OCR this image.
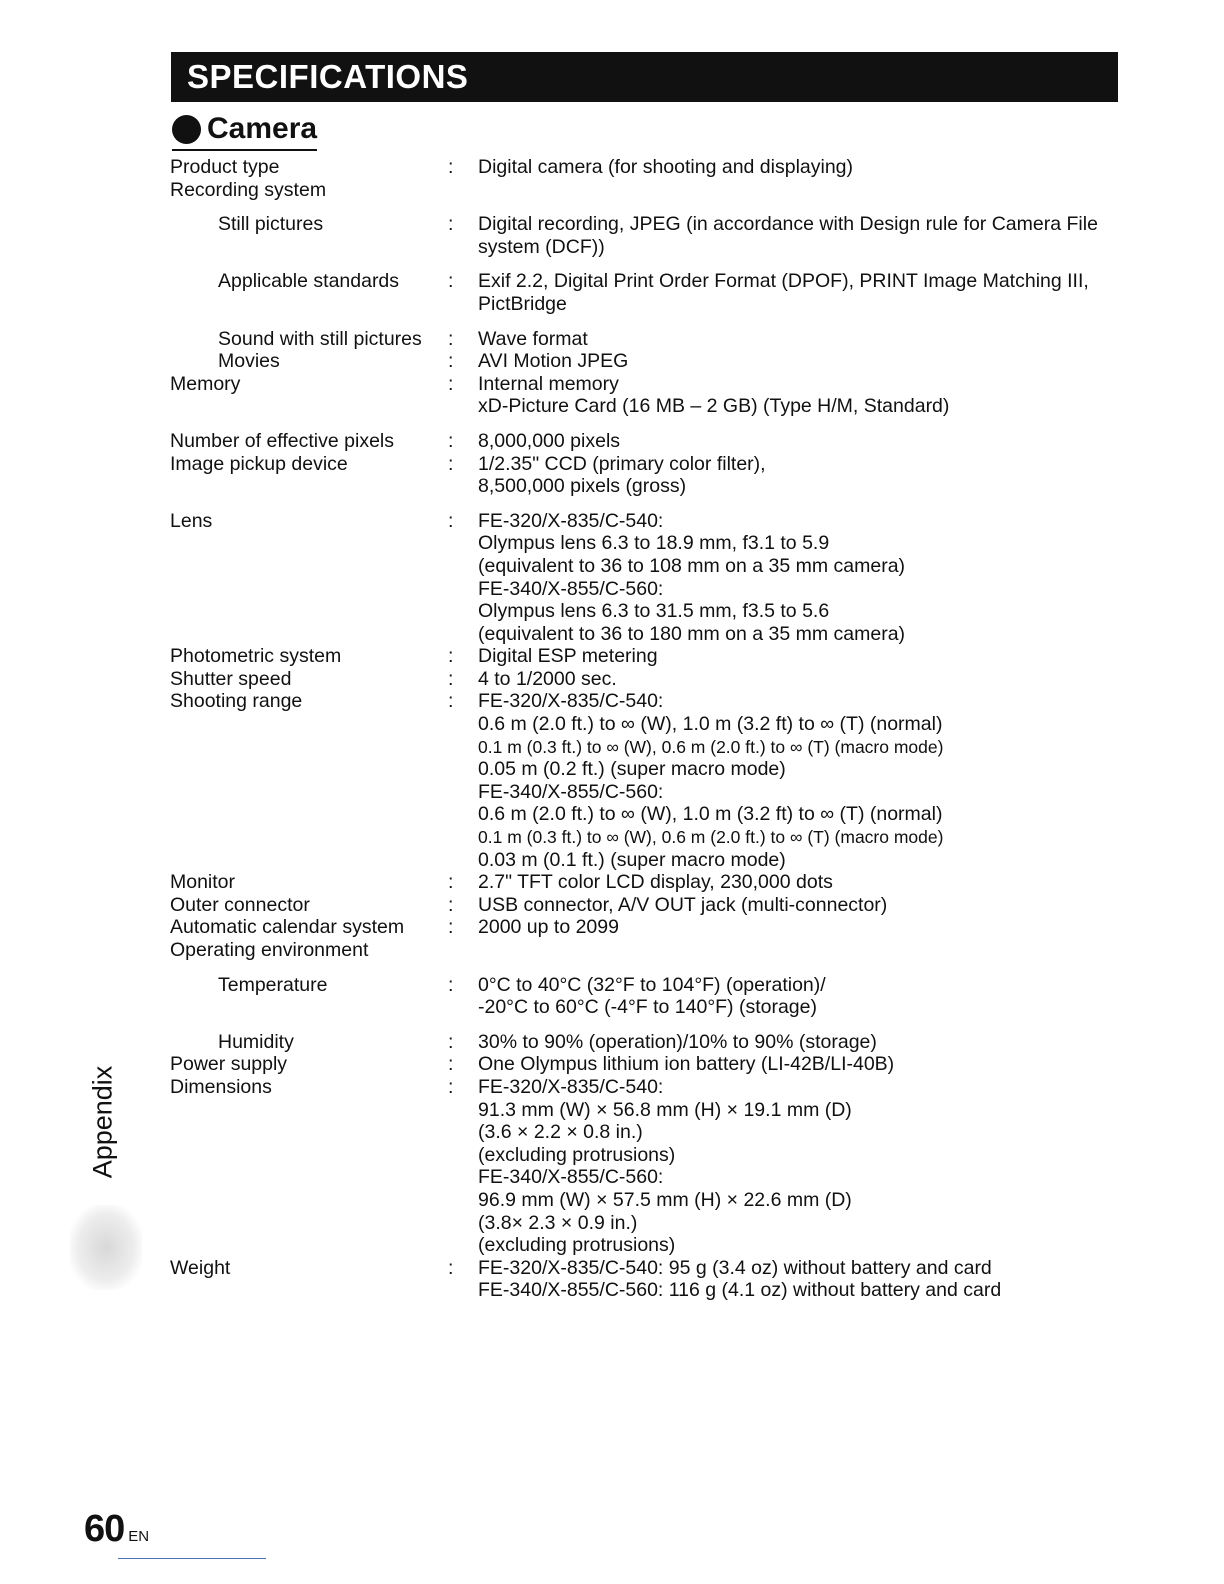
SPECIFICATIONS
Camera
Product type	:	Digital camera (for shooting and displaying)
Recording system
Still pictures	:	Digital recording, JPEG (in accordance with Design rule for Camera File
system (DCF))
Applicable standards	:	Exif 2.2, Digital Print Order Format (DPOF), PRINT Image Matching III,
PictBridge
Sound with still pictures	:	Wave format
Movies	:	AVI Motion JPEG
Memory	:	Internal memory
xD-Picture Card (16 MB – 2 GB) (Type H/M, Standard)
Number of effective pixels	:	8,000,000 pixels
Image pickup device	:	1/2.35" CCD (primary color filter),
8,500,000 pixels (gross)
Lens	:	FE-320/X-835/C-540:
Olympus lens 6.3 to 18.9 mm, f3.1 to 5.9
(equivalent to 36 to 108 mm on a 35 mm camera)
FE-340/X-855/C-560:
Olympus lens 6.3 to 31.5 mm, f3.5 to 5.6
(equivalent to 36 to 180 mm on a 35 mm camera)
Photometric system	:	Digital ESP metering
Shutter speed	:	4 to 1/2000 sec.
Shooting range	:	FE-320/X-835/C-540:
0.6 m (2.0 ft.) to ∞ (W), 1.0 m (3.2 ft) to ∞ (T) (normal)
0.1 m (0.3 ft.) to ∞ (W), 0.6 m (2.0 ft.) to ∞ (T) (macro mode)
0.05 m (0.2 ft.) (super macro mode)
FE-340/X-855/C-560:
0.6 m (2.0 ft.) to ∞ (W), 1.0 m (3.2 ft) to ∞ (T) (normal)
0.1 m (0.3 ft.) to ∞ (W), 0.6 m (2.0 ft.) to ∞ (T) (macro mode)
0.03 m (0.1 ft.) (super macro mode)
Monitor	:	2.7" TFT color LCD display, 230,000 dots
Outer connector	:	USB connector, A/V OUT jack (multi-connector)
Automatic calendar system	:	2000 up to 2099
Operating environment
Temperature	:	0°C to 40°C (32°F to 104°F) (operation)/
-20°C to 60°C (-4°F to 140°F) (storage)
Humidity	:	30% to 90% (operation)/10% to 90% (storage)
Power supply	:	One Olympus lithium ion battery (LI-42B/LI-40B)
Dimensions	:	FE-320/X-835/C-540:
91.3 mm (W) × 56.8 mm (H) × 19.1 mm (D)
(3.6 × 2.2 × 0.8 in.)
(excluding protrusions)
FE-340/X-855/C-560:
96.9 mm (W) × 57.5 mm (H) × 22.6 mm (D)
(3.8× 2.3 × 0.9 in.)
(excluding protrusions)
Weight	:	FE-320/X-835/C-540: 95 g (3.4 oz) without battery and card
FE-340/X-855/C-560: 116 g (4.1 oz) without battery and card
Appendix
60 EN
